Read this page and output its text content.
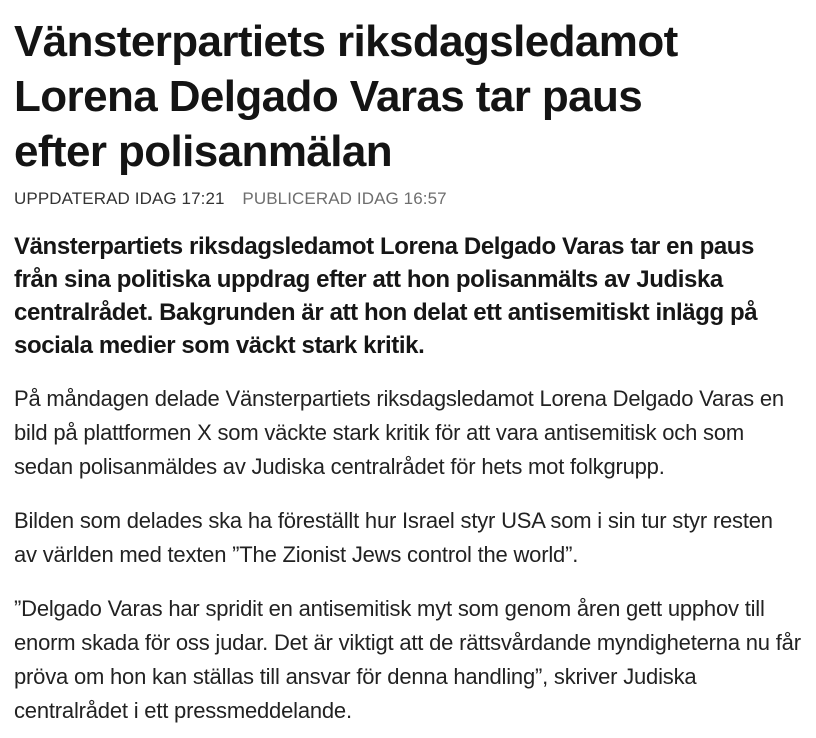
Vänsterpartiets riksdagsledamot
Lorena Delgado Varas tar paus
efter polisanmälan
UPPDATERAD IDAG 17:21 PUBLICERAD IDAG 16:57

Vänsterpartiets riksdagsledamot Lorena Delgado Varas tar en paus från sina politiska uppdrag efter att hon polisanmälts av Judiska centralrådet. Bakgrunden är att hon delat ett antisemitiskt inlägg på sociala medier som väckt stark kritik.

På måndagen delade Vänsterpartiets riksdagsledamot Lorena Delgado Varas en bild på plattformen X som väckte stark kritik för att vara antisemitisk och som sedan polisanmäldes av Judiska centralrådet för hets mot folkgrupp.

Bilden som delades ska ha föreställt hur Israel styr USA som i sin tur styr resten av världen med texten ”The Zionist Jews control the world”.

”Delgado Varas har spridit en antisemitisk myt som genom åren gett upphov till enorm skada för oss judar. Det är viktigt att de rättsvårdande myndigheterna nu får pröva om hon kan ställas till ansvar för denna handling”, skriver Judiska centralrådet i ett pressmeddelande.
